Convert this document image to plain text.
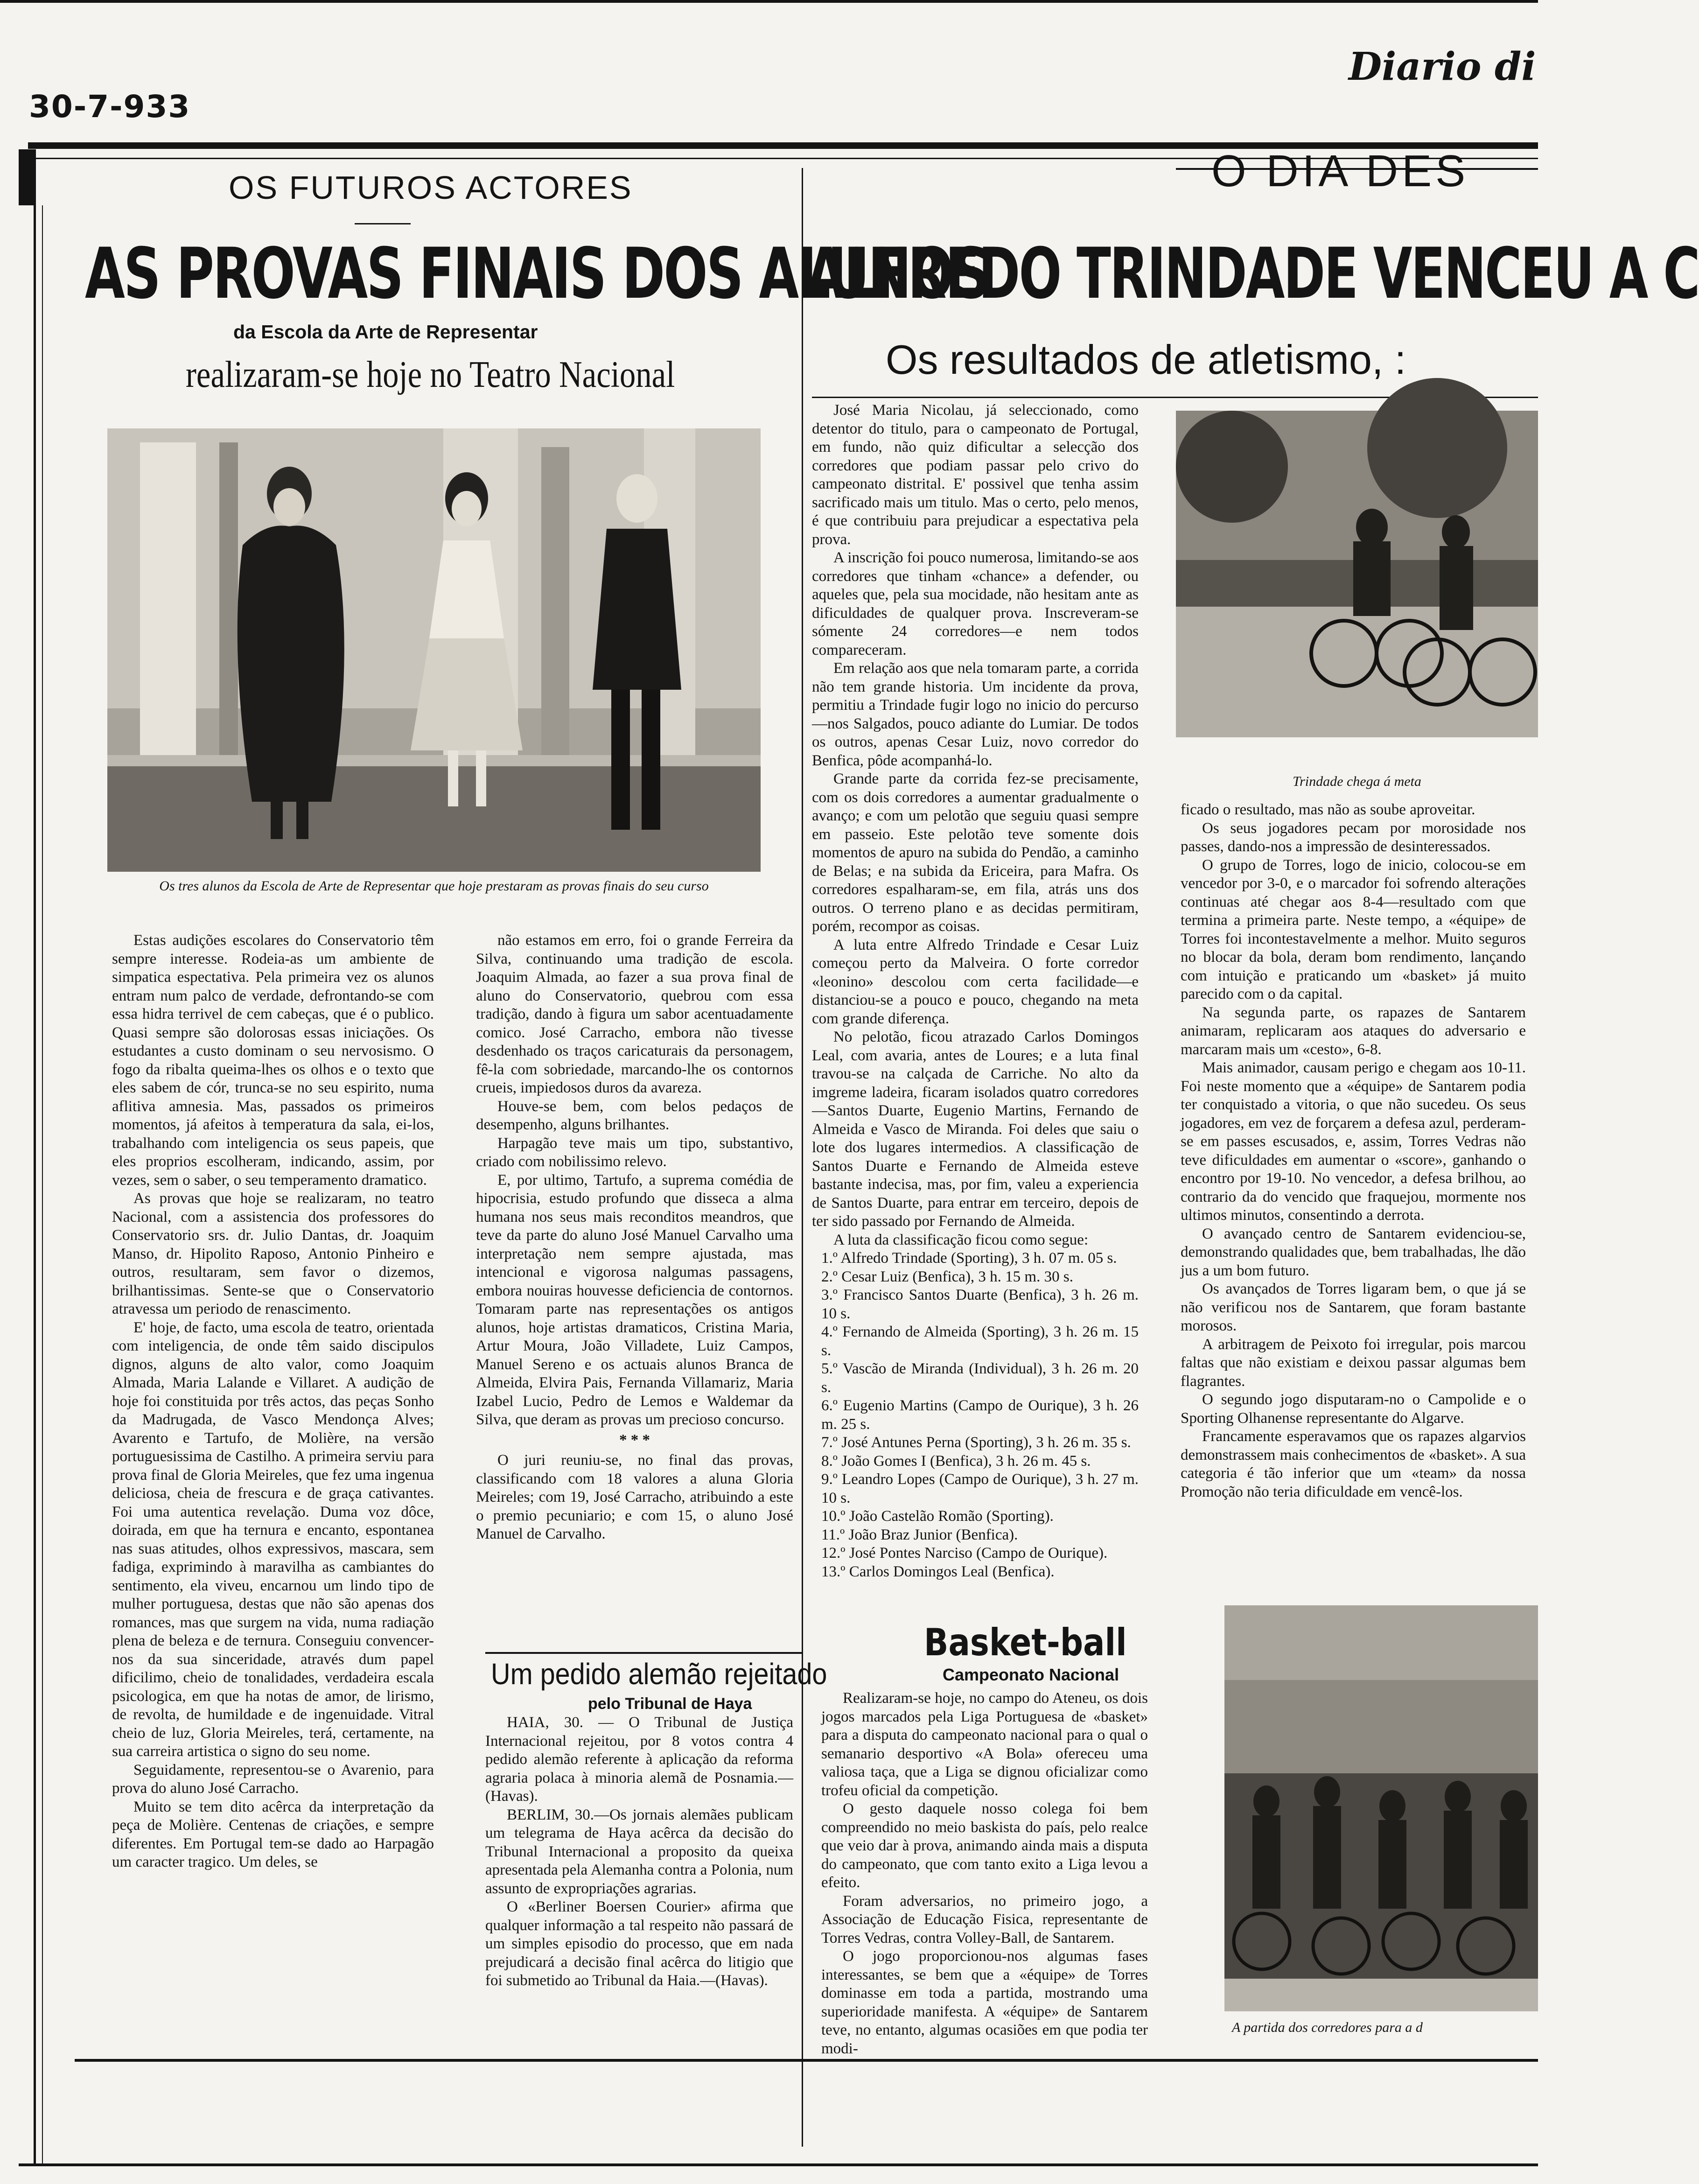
30-7-933
Diario di
OS FUTUROS ACTORES
AS PROVAS FINAIS DOS ALUNOS
da Escola da Arte de Representar
realizaram-se hoje no Teatro Nacional
Os tres alunos da Escola de Arte de Representar que hoje prestaram as provas finais do seu curso

Estas audições escolares do Conservatorio têm sempre interesse. Rodeia-as um ambiente de simpatica espectativa. Pela primeira vez os alunos entram num palco de verdade, defrontando-se com essa hidra terrivel de cem cabeças, que é o publico. Quasi sempre são dolorosas essas iniciações. Os estudantes a custo dominam o seu nervosismo. O fogo da ribalta queima-lhes os olhos e o texto que eles sabem de cór, trunca-se no seu espirito, numa aflitiva amnesia. Mas, passados os primeiros momentos, já afeitos à temperatura da sala, ei-los, trabalhando com inteligencia os seus papeis, que eles proprios escolheram, indicando, assim, por vezes, sem o saber, o seu temperamento dramatico.

As provas que hoje se realizaram, no teatro Nacional, com a assistencia dos professores do Conservatorio srs. dr. Julio Dantas, dr. Joaquim Manso, dr. Hipolito Raposo, Antonio Pinheiro e outros, resultaram, sem favor o dizemos, brilhantissimas. Sente-se que o Conservatorio atravessa um periodo de renascimento.

E' hoje, de facto, uma escola de teatro, orientada com inteligencia, de onde têm saido discipulos dignos, alguns de alto valor, como Joaquim Almada, Maria Lalande e Villaret. A audição de hoje foi constituida por três actos, das peças Sonho da Madrugada, de Vasco Mendonça Alves; Avarento e Tartufo, de Molière, na versão portuguesissima de Castilho. A primeira serviu para prova final de Gloria Meireles, que fez uma ingenua deliciosa, cheia de frescura e de graça cativantes. Foi uma autentica revelação. Duma voz dôce, doirada, em que ha ternura e encanto, espontanea nas suas atitudes, olhos expressivos, mascara, sem fadiga, exprimindo à maravilha as cambiantes do sentimento, ela viveu, encarnou um lindo tipo de mulher portuguesa, destas que não são apenas dos romances, mas que surgem na vida, numa radiação plena de beleza e de ternura. Conseguiu convencer-nos da sua sinceridade, através dum papel dificilimo, cheio de tonalidades, verdadeira escala psicologica, em que ha notas de amor, de lirismo, de revolta, de humildade e de ingenuidade. Vitral cheio de luz, Gloria Meireles, terá, certamente, na sua carreira artistica o signo do seu nome.

Seguidamente, representou-se o Avarenio, para prova do aluno José Carracho.

Muito se tem dito acêrca da interpretação da peça de Molière. Centenas de criações, e sempre diferentes. Em Portugal tem-se dado ao Harpagão um caracter tragico. Um deles, se

não estamos em erro, foi o grande Ferreira da Silva, continuando uma tradição de escola. Joaquim Almada, ao fazer a sua prova final de aluno do Conservatorio, quebrou com essa tradição, dando à figura um sabor acentuadamente comico. José Carracho, embora não tivesse desdenhado os traços caricaturais da personagem, fê-la com sobriedade, marcando-lhe os contornos crueis, impiedosos duros da avareza.

Houve-se bem, com belos pedaços de desempenho, alguns brilhantes.

Harpagão teve mais um tipo, substantivo, criado com nobilissimo relevo.

E, por ultimo, Tartufo, a suprema comédia de hipocrisia, estudo profundo que disseca a alma humana nos seus mais reconditos meandros, que teve da parte do aluno José Manuel Carvalho uma interpretação nem sempre ajustada, mas intencional e vigorosa nalgumas passagens, embora nouiras houvesse deficiencia de contornos. Tomaram parte nas representações os antigos alunos, hoje artistas dramaticos, Cristina Maria, Artur Moura, João Villadete, Luiz Campos, Manuel Sereno e os actuais alunos Branca de Almeida, Elvira Pais, Fernanda Villamariz, Maria Izabel Lucio, Pedro de Lemos e Waldemar da Silva, que deram as provas um precioso concurso.

* * *

O juri reuniu-se, no final das provas, classificando com 18 valores a aluna Gloria Meireles; com 19, José Carracho, atribuindo a este o premio pecuniario; e com 15, o aluno José Manuel de Carvalho.

Um pedido alemão rejeitado
pelo Tribunal de Haya

HAIA, 30. — O Tribunal de Justiça Internacional rejeitou, por 8 votos contra 4 pedido alemão referente à aplicação da reforma agraria polaca à minoria alemã de Posnamia.—(Havas).

BERLIM, 30.—Os jornais alemães publicam um telegrama de Haya acêrca da decisão do Tribunal Internacional a proposito da queixa apresentada pela Alemanha contra a Polonia, num assunto de expropriações agrarias.

O «Berliner Boersen Courier» afirma que qualquer informação a tal respeito não passará de um simples episodio do processo, que em nada prejudicará a decisão final acêrca do litigio que foi submetido ao Tribunal da Haia.—(Havas).

O DIA DES
ALFREDO TRINDADE VENCEU A C
Os resultados de atletismo, :

José Maria Nicolau, já seleccionado, como detentor do titulo, para o campeonato de Portugal, em fundo, não quiz dificultar a selecção dos corredores que podiam passar pelo crivo do campeonato distrital. E' possivel que tenha assim sacrificado mais um titulo. Mas o certo, pelo menos, é que contribuiu para prejudicar a espectativa pela prova.

A inscrição foi pouco numerosa, limitando-se aos corredores que tinham «chance» a defender, ou aqueles que, pela sua mocidade, não hesitam ante as dificuldades de qualquer prova. Inscreveram-se sómente 24 corredores—e nem todos compareceram.

Em relação aos que nela tomaram parte, a corrida não tem grande historia. Um incidente da prova, permitiu a Trindade fugir logo no inicio do percurso—nos Salgados, pouco adiante do Lumiar. De todos os outros, apenas Cesar Luiz, novo corredor do Benfica, pôde acompanhá-lo.

Grande parte da corrida fez-se precisamente, com os dois corredores a aumentar gradualmente o avanço; e com um pelotão que seguiu quasi sempre em passeio. Este pelotão teve somente dois momentos de apuro na subida do Pendão, a caminho de Belas; e na subida da Ericeira, para Mafra. Os corredores espalharam-se, em fila, atrás uns dos outros. O terreno plano e as decidas permitiram, porém, recompor as coisas.

A luta entre Alfredo Trindade e Cesar Luiz começou perto da Malveira. O forte corredor «leonino» descolou com certa facilidade—e distanciou-se a pouco e pouco, chegando na meta com grande diferença.

No pelotão, ficou atrazado Carlos Domingos Leal, com avaria, antes de Loures; e a luta final travou-se na calçada de Carriche. No alto da imgreme ladeira, ficaram isolados quatro corredores—Santos Duarte, Eugenio Martins, Fernando de Almeida e Vasco de Miranda. Foi deles que saiu o lote dos lugares intermedios. A classificação de Santos Duarte e Fernando de Almeida esteve bastante indecisa, mas, por fim, valeu a experiencia de Santos Duarte, para entrar em terceiro, depois de ter sido passado por Fernando de Almeida.

A luta da classificação ficou como segue:

1.º Alfredo Trindade (Sporting), 3 h. 07 m. 05 s.
2.º Cesar Luiz (Benfica), 3 h. 15 m. 30 s.
3.º Francisco Santos Duarte (Benfica), 3 h. 26 m. 10 s.
4.º Fernando de Almeida (Sporting), 3 h. 26 m. 15 s.
5.º Vascão de Miranda (Individual), 3 h. 26 m. 20 s.
6.º Eugenio Martins (Campo de Ourique), 3 h. 26 m. 25 s.
7.º José Antunes Perna (Sporting), 3 h. 26 m. 35 s.
8.º João Gomes I (Benfica), 3 h. 26 m. 45 s.
9.º Leandro Lopes (Campo de Ourique), 3 h. 27 m. 10 s.
10.º João Castelão Romão (Sporting).
11.º João Braz Junior (Benfica).
12.º José Pontes Narciso (Campo de Ourique).
13.º Carlos Domingos Leal (Benfica).
Trindade chega á meta

ficado o resultado, mas não as soube aproveitar.

Os seus jogadores pecam por morosidade nos passes, dando-nos a impressão de desinteressados.

O grupo de Torres, logo de inicio, colocou-se em vencedor por 3-0, e o marcador foi sofrendo alterações continuas até chegar aos 8-4—resultado com que termina a primeira parte. Neste tempo, a «équipe» de Torres foi incontestavelmente a melhor. Muito seguros no blocar da bola, deram bom rendimento, lançando com intuição e praticando um «basket» já muito parecido com o da capital.

Na segunda parte, os rapazes de Santarem animaram, replicaram aos ataques do adversario e marcaram mais um «cesto», 6-8.

Mais animador, causam perigo e chegam aos 10-11. Foi neste momento que a «équipe» de Santarem podia ter conquistado a vitoria, o que não sucedeu. Os seus jogadores, em vez de forçarem a defesa azul, perderam-se em passes escusados, e, assim, Torres Vedras não teve dificuldades em aumentar o «score», ganhando o encontro por 19-10. No vencedor, a defesa brilhou, ao contrario da do vencido que fraquejou, mormente nos ultimos minutos, consentindo a derrota.

O avançado centro de Santarem evidenciou-se, demonstrando qualidades que, bem trabalhadas, lhe dão jus a um bom futuro.

Os avançados de Torres ligaram bem, o que já se não verificou nos de Santarem, que foram bastante morosos.

A arbitragem de Peixoto foi irregular, pois marcou faltas que não existiam e deixou passar algumas bem flagrantes.

O segundo jogo disputaram-no o Campolide e o Sporting Olhanense representante do Algarve.

Francamente esperavamos que os rapazes algarvios demonstrassem mais conhecimentos de «basket». A sua categoria é tão inferior que um «team» da nossa Promoção não teria dificuldade em vencê-los.

Basket-ball
Campeonato Nacional

Realizaram-se hoje, no campo do Ateneu, os dois jogos marcados pela Liga Portuguesa de «basket» para a disputa do campeonato nacional para o qual o semanario desportivo «A Bola» ofereceu uma valiosa taça, que a Liga se dignou oficializar como trofeu oficial da competição.

O gesto daquele nosso colega foi bem compreendido no meio baskista do país, pelo realce que veio dar à prova, animando ainda mais a disputa do campeonato, que com tanto exito a Liga levou a efeito.

Foram adversarios, no primeiro jogo, a Associação de Educação Fisica, representante de Torres Vedras, contra Volley-Ball, de Santarem.

O jogo proporcionou-nos algumas fases interessantes, se bem que a «équipe» de Torres dominasse em toda a partida, mostrando uma superioridade manifesta. A «équipe» de Santarem teve, no entanto, algumas ocasiões em que podia ter modi-

A partida dos corredores para a d
